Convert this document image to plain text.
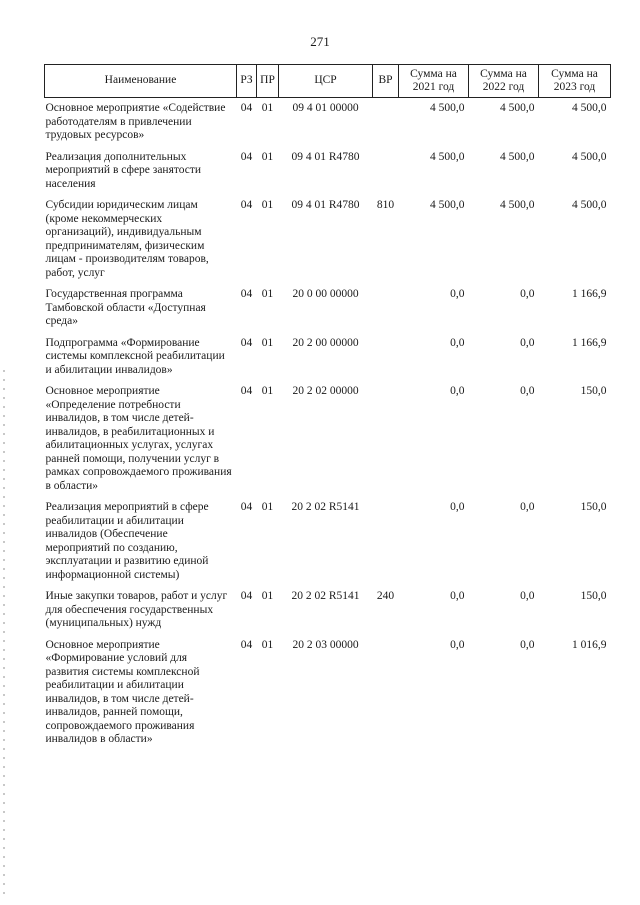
271
Наименование	РЗ	ПР	ЦСР	ВР	Сумма на 2021 год	Сумма на 2022 год	Сумма на 2023 год
Основное мероприятие «Содействие работодателям в привлечении трудовых ресурсов»	04	01	09 4 01 00000		4 500,0	4 500,0	4 500,0
Реализация дополнительных мероприятий в сфере занятости населения	04	01	09 4 01 R4780		4 500,0	4 500,0	4 500,0
Субсидии юридическим лицам (кроме некоммерческих организаций), индивидуальным предпринимателям, физическим лицам - производителям товаров, работ, услуг	04	01	09 4 01 R4780	810	4 500,0	4 500,0	4 500,0
Государственная программа Тамбовской области «Доступная среда»	04	01	20 0 00 00000		0,0	0,0	1 166,9
Подпрограмма «Формирование системы комплексной реабилитации и абилитации инвалидов»	04	01	20 2 00 00000		0,0	0,0	1 166,9
Основное мероприятие «Определение потребности инвалидов, в том числе детей-инвалидов, в реабилитационных и абилитационных услугах, услугах ранней помощи, получении услуг в рамках сопровождаемого проживания в области»	04	01	20 2 02 00000		0,0	0,0	150,0
Реализация мероприятий в сфере реабилитации и абилитации инвалидов (Обеспечение мероприятий по созданию, эксплуатации и развитию единой информационной системы)	04	01	20 2 02 R5141		0,0	0,0	150,0
Иные закупки товаров, работ и услуг для обеспечения государственных (муниципальных) нужд	04	01	20 2 02 R5141	240	0,0	0,0	150,0
Основное мероприятие «Формирование условий для развития системы комплексной реабилитации и абилитации инвалидов, в том числе детей-инвалидов, ранней помощи, сопровождаемого проживания инвалидов в области»	04	01	20 2 03 00000		0,0	0,0	1 016,9
